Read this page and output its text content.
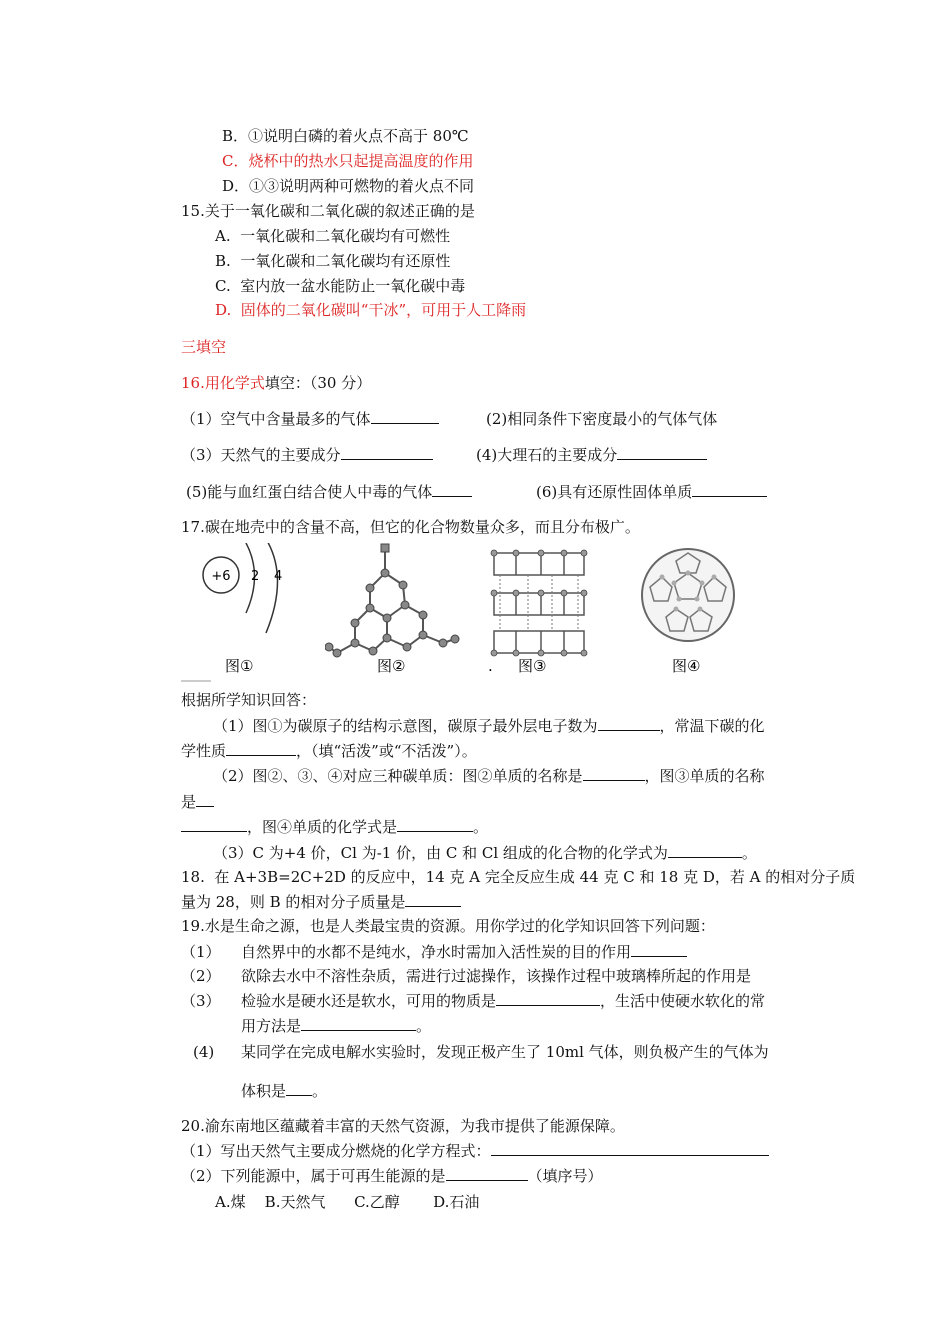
B．①说明白磷的着火点不高于 80℃
C．烧杯中的热水只起提高温度的作用
D．①③说明两种可燃物的着火点不同
15.关于一氧化碳和二氧化碳的叙述正确的是
A.  一氧化碳和二氧化碳均有可燃性
B.  一氧化碳和二氧化碳均有还原性
C.  室内放一盆水能防止一氧化碳中毒
D.  固体的二氧化碳叫“干冰”，可用于人工降雨
三填空
16.用化学式填空：（30 分）
（1）空气中含量最多的气体	(2)相同条件下密度最小的气体气体
（3）天然气的主要成分	(4)大理石的主要成分
(5)能与血红蛋白结合使人中毒的气体	(6)具有还原性固体单质
17.碳在地壳中的含量不高，但它的化合物数量众多，而且分布极广。
+6 2 4
图①	图②	. 图③	图④
根据所学知识回答：
（1）图①为碳原子的结构示意图，碳原子最外层电子数为	，常温下碳的化
学性质	，（填“活泼”或“不活泼”）。
（2）图②、③、④对应三种碳单质：图②单质的名称是	，图③单质的名称
是
，图④单质的化学式是	。
（3）C 为+4 价，Cl 为-1 价，由 C 和 Cl 组成的化合物的化学式为	。
18.  在 A+3B=2C+2D 的反应中，14 克 A 完全反应生成 44 克 C 和 18 克 D，若 A 的相对分子质
量为 28，则 B 的相对分子质量是
19.水是生命之源，也是人类最宝贵的资源。用你学过的化学知识回答下列问题：
（1） 自然界中的水都不是纯水，净水时需加入活性炭的目的作用
（2） 欲除去水中不溶性杂质，需进行过滤操作，该操作过程中玻璃棒所起的作用是
（3） 检验水是硬水还是软水，可用的物质是	，生活中使硬水软化的常
用方法是	。
(4) 某同学在完成电解水实验时，发现正极产生了 10ml 气体，则负极产生的气体为
体积是 。
20.渝东南地区蕴藏着丰富的天然气资源，为我市提供了能源保障。
（1）写出天然气主要成分燃烧的化学方程式：
（2）下列能源中，属于可再生能源的是	（填序号）
A.煤    B.天然气      C.乙醇       D.石油
